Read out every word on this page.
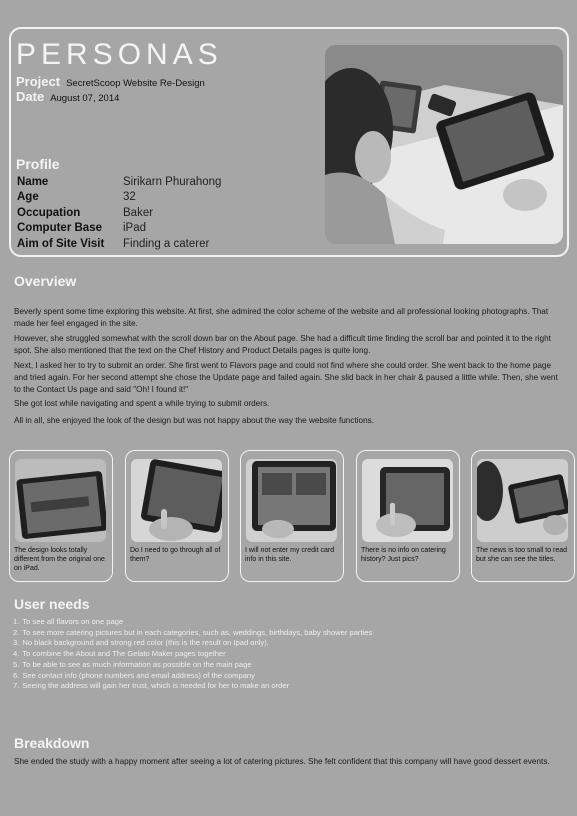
PERSONAS
Project SecretScoop Website Re-Design
Date August 07, 2014
Profile
Name	Sirikarn Phurahong
Age	32
Occupation	Baker
Computer Base	iPad
Aim of Site Visit	Finding a caterer
Overview

Beverly spent some time exploring this website. At first, she admired the color scheme of the website and all professional looking photographs. That made her feel engaged in the site.

However, she struggled somewhat with the scroll down bar on the About page. She had a difficult time finding the scroll bar and pointed it to the right spot. She also mentioned that the text on the Chef History and Product Details pages is quite long.

Next, I asked her to try to submit an order. She first went to Flavors page and could not find where she could order. She went back to the home page and tried again. For her second attempt she chose the Update page and failed again. She slid back in her chair & paused a little while. Then, she went to the Contact Us page and said "Oh! I found it!"

She got lost while navigating and spent a while trying to submit orders.

All in all, she enjoyed the look of the design but was not happy about the way the website functions.

The design looks totally different from the original one on iPad.
Do I need to go through all of them?
I will not enter my credit card info in this site.
There is no info on catering history? Just pics?
The news is too small to read but she can see the titles.
User needs
1. To see all flavors on one page
2. To see more catering pictures but in each categories, such as, weddings, birthdays, baby shower parties
3. No black background and strong red color (this is the result on Ipad only).
4. To combine the About and The Gelato Maker pages together
5. To be able to see as much information as possible on the main page
6. See contact info (phone numbers and email address) of the company
7. Seeing the address will gain her trust, which is needed for her to make an order
Breakdown

She ended the study with a happy moment after seeing a lot of catering pictures. She felt confident that this company will have good dessert events.
